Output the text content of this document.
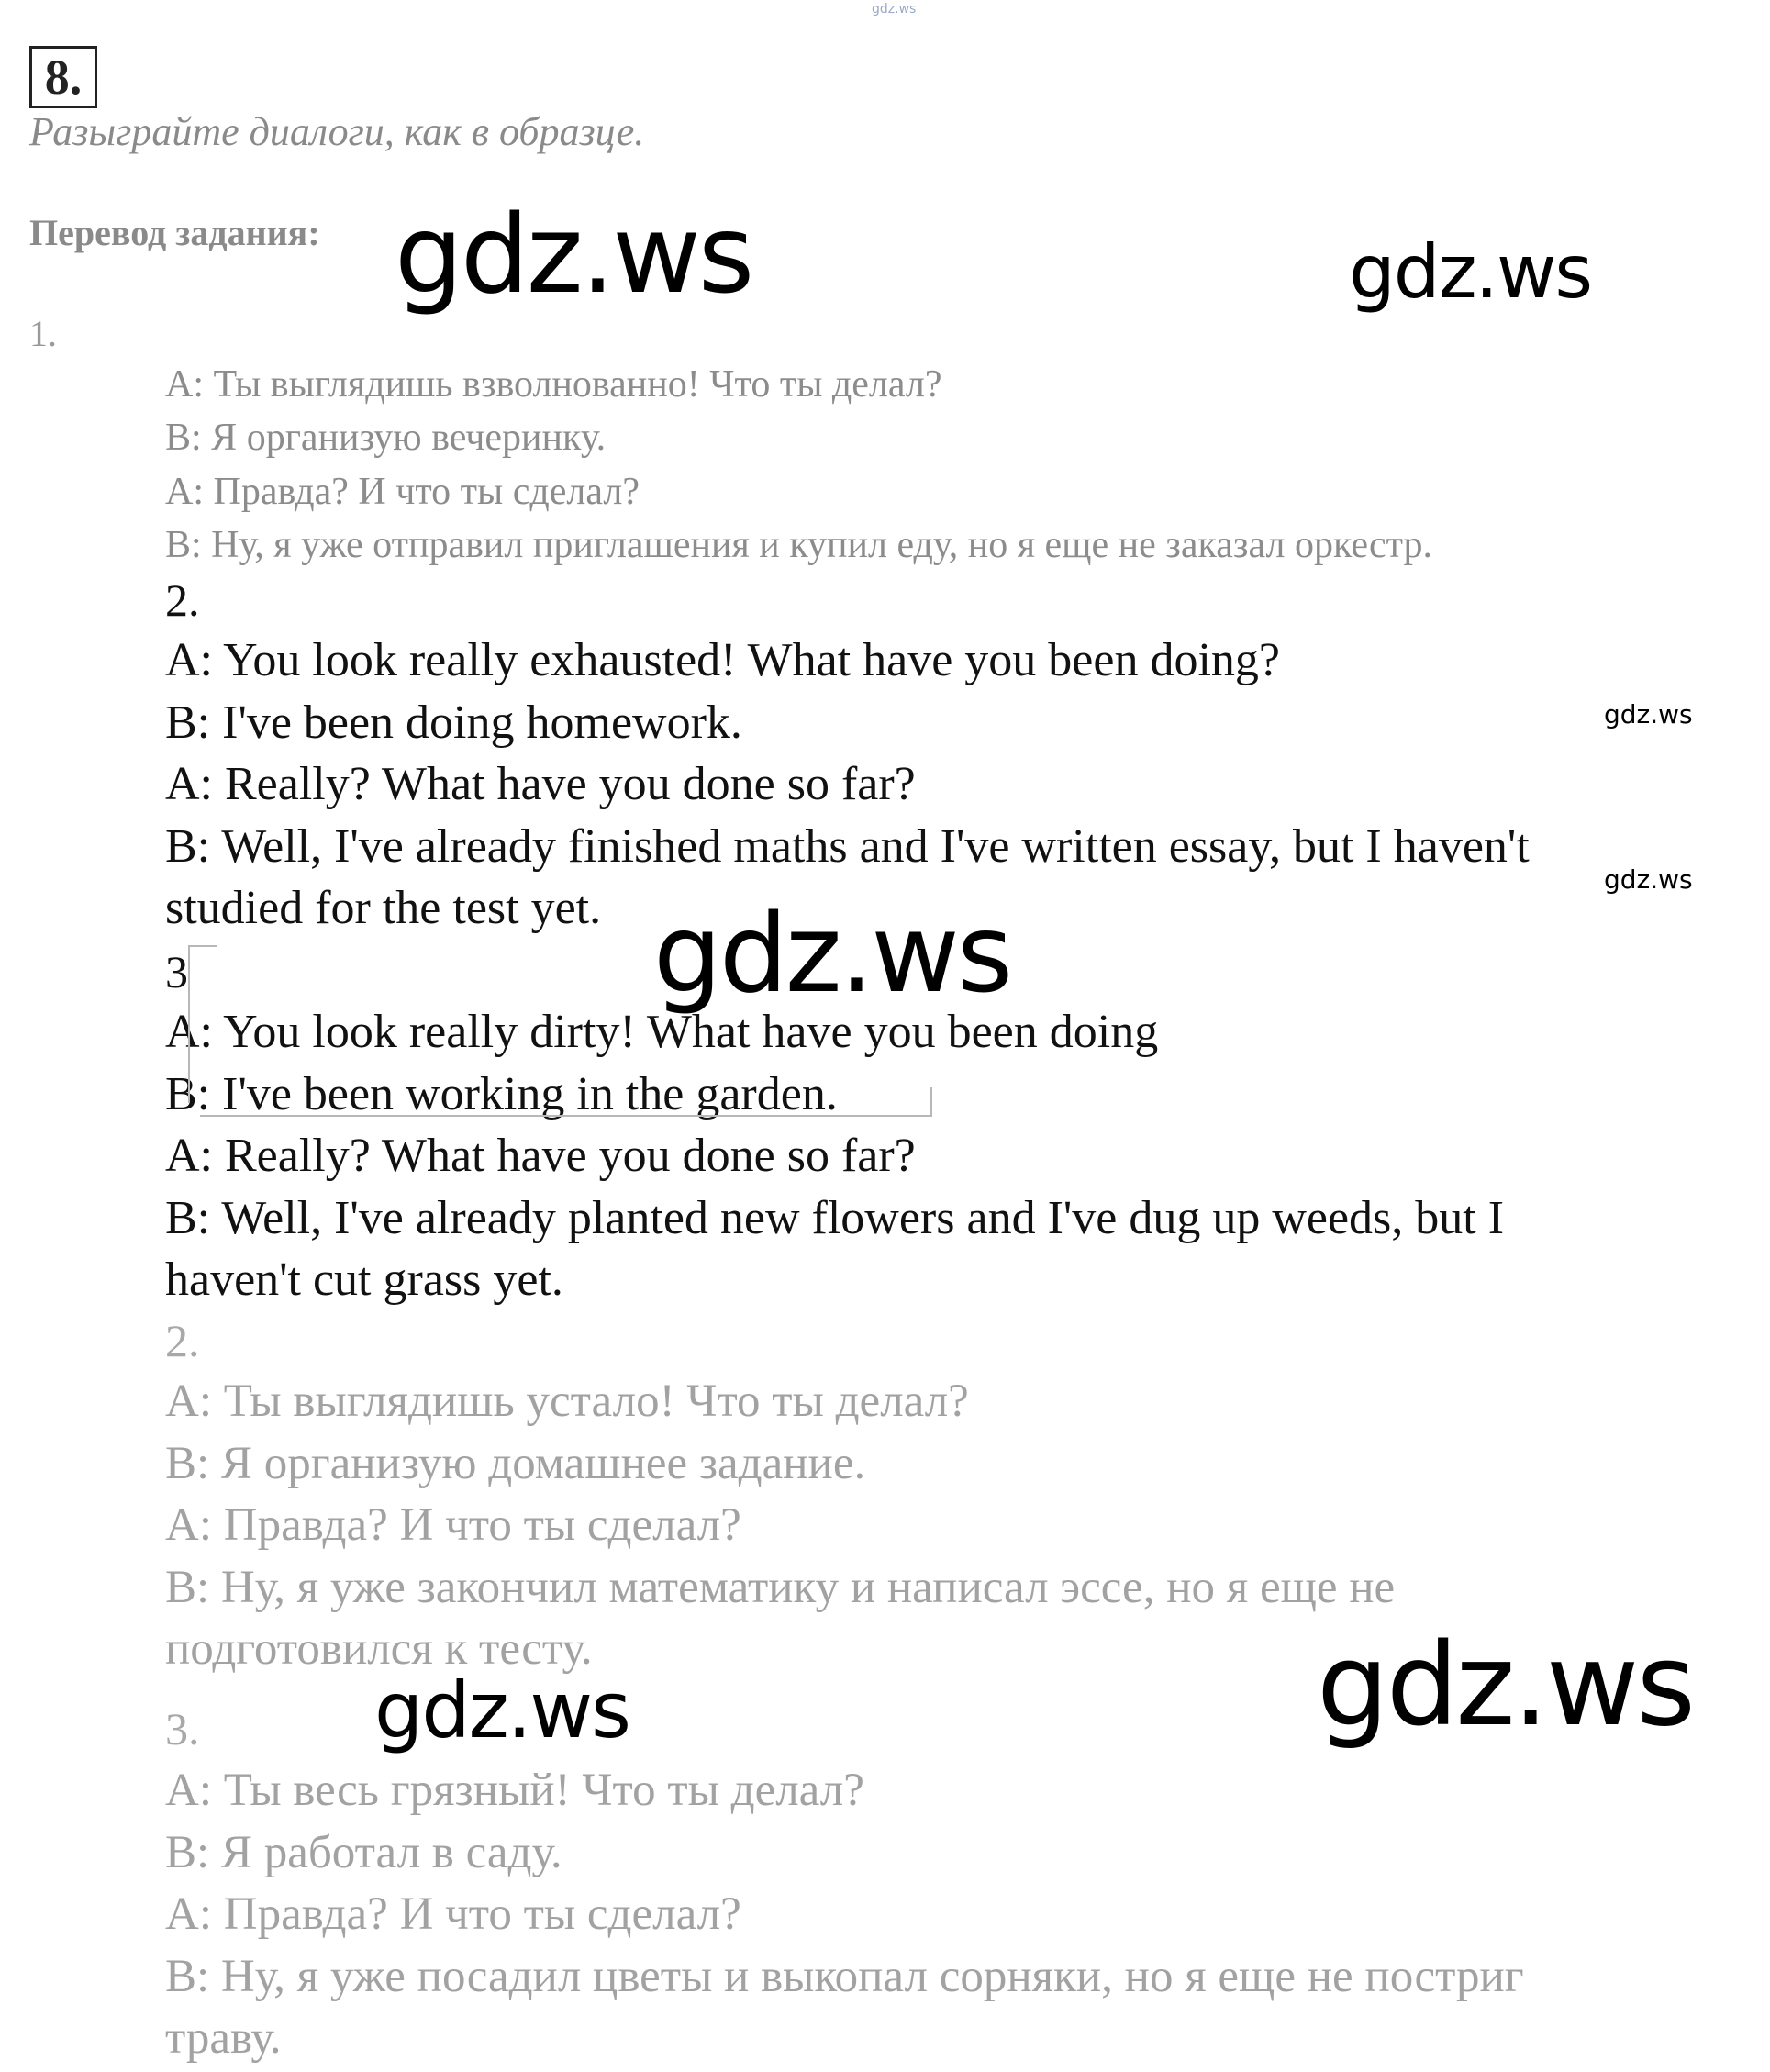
gdz.ws
8.
Разыграйте диалоги, как в образце.
Перевод задания:
1.
A: Ты выглядишь взволнованно! Что ты делал?
B: Я организую вечеринку.
A: Правда? И что ты сделал?
B: Ну, я уже отправил приглашения и купил еду, но я еще не заказал оркестр.
2.
A: You look really exhausted! What have you been doing?
B: I've been doing homework.
A: Really? What have you done so far?
B: Well, I've already finished maths and I've written essay, but I haven't
studied for the test yet.
3
A: You look really dirty! What have you been doing
B: I've been working in the garden.
A: Really? What have you done so far?
B: Well, I've already planted new flowers and I've dug up weeds, but I
haven't cut grass yet.
2.
A: Ты выглядишь устало! Что ты делал?
B: Я организую домашнее задание.
A: Правда? И что ты сделал?
B: Ну, я уже закончил математику и написал эссе, но я еще не
подготовился к тесту.
3.
A: Ты весь грязный! Что ты делал?
B: Я работал в саду.
A: Правда? И что ты сделал?
B: Ну, я уже посадил цветы и выкопал сорняки, но я еще не постриг
траву.
gdz.ws	gdz.ws
gdz.ws
gdz.ws
gdz.ws
gdz.ws
gdz.ws
